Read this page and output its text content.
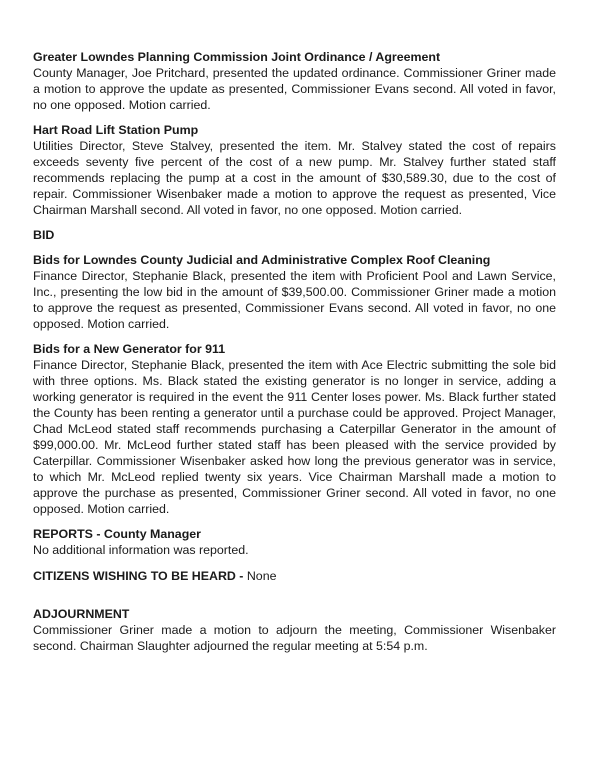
Greater Lowndes Planning Commission Joint Ordinance / Agreement

County Manager, Joe Pritchard, presented the updated ordinance. Commissioner Griner made a motion to approve the update as presented, Commissioner Evans second. All voted in favor, no one opposed. Motion carried.

Hart Road Lift Station Pump

Utilities Director, Steve Stalvey, presented the item. Mr. Stalvey stated the cost of repairs exceeds seventy five percent of the cost of a new pump. Mr. Stalvey further stated staff recommends replacing the pump at a cost in the amount of $30,589.30, due to the cost of repair. Commissioner Wisenbaker made a motion to approve the request as presented, Vice Chairman Marshall second. All voted in favor, no one opposed. Motion carried.

BID

Bids for Lowndes County Judicial and Administrative Complex Roof Cleaning

Finance Director, Stephanie Black, presented the item with Proficient Pool and Lawn Service, Inc., presenting the low bid in the amount of $39,500.00. Commissioner Griner made a motion to approve the request as presented, Commissioner Evans second. All voted in favor, no one opposed. Motion carried.

Bids for a New Generator for 911

Finance Director, Stephanie Black, presented the item with Ace Electric submitting the sole bid with three options. Ms. Black stated the existing generator is no longer in service, adding a working generator is required in the event the 911 Center loses power. Ms. Black further stated the County has been renting a generator until a purchase could be approved. Project Manager, Chad McLeod stated staff recommends purchasing a Caterpillar Generator in the amount of $99,000.00. Mr. McLeod further stated staff has been pleased with the service provided by Caterpillar. Commissioner Wisenbaker asked how long the previous generator was in service, to which Mr. McLeod replied twenty six years. Vice Chairman Marshall made a motion to approve the purchase as presented, Commissioner Griner second. All voted in favor, no one opposed. Motion carried.

REPORTS - County Manager

No additional information was reported.

CITIZENS WISHING TO BE HEARD - None

ADJOURNMENT

Commissioner Griner made a motion to adjourn the meeting, Commissioner Wisenbaker second. Chairman Slaughter adjourned the regular meeting at 5:54 p.m.
